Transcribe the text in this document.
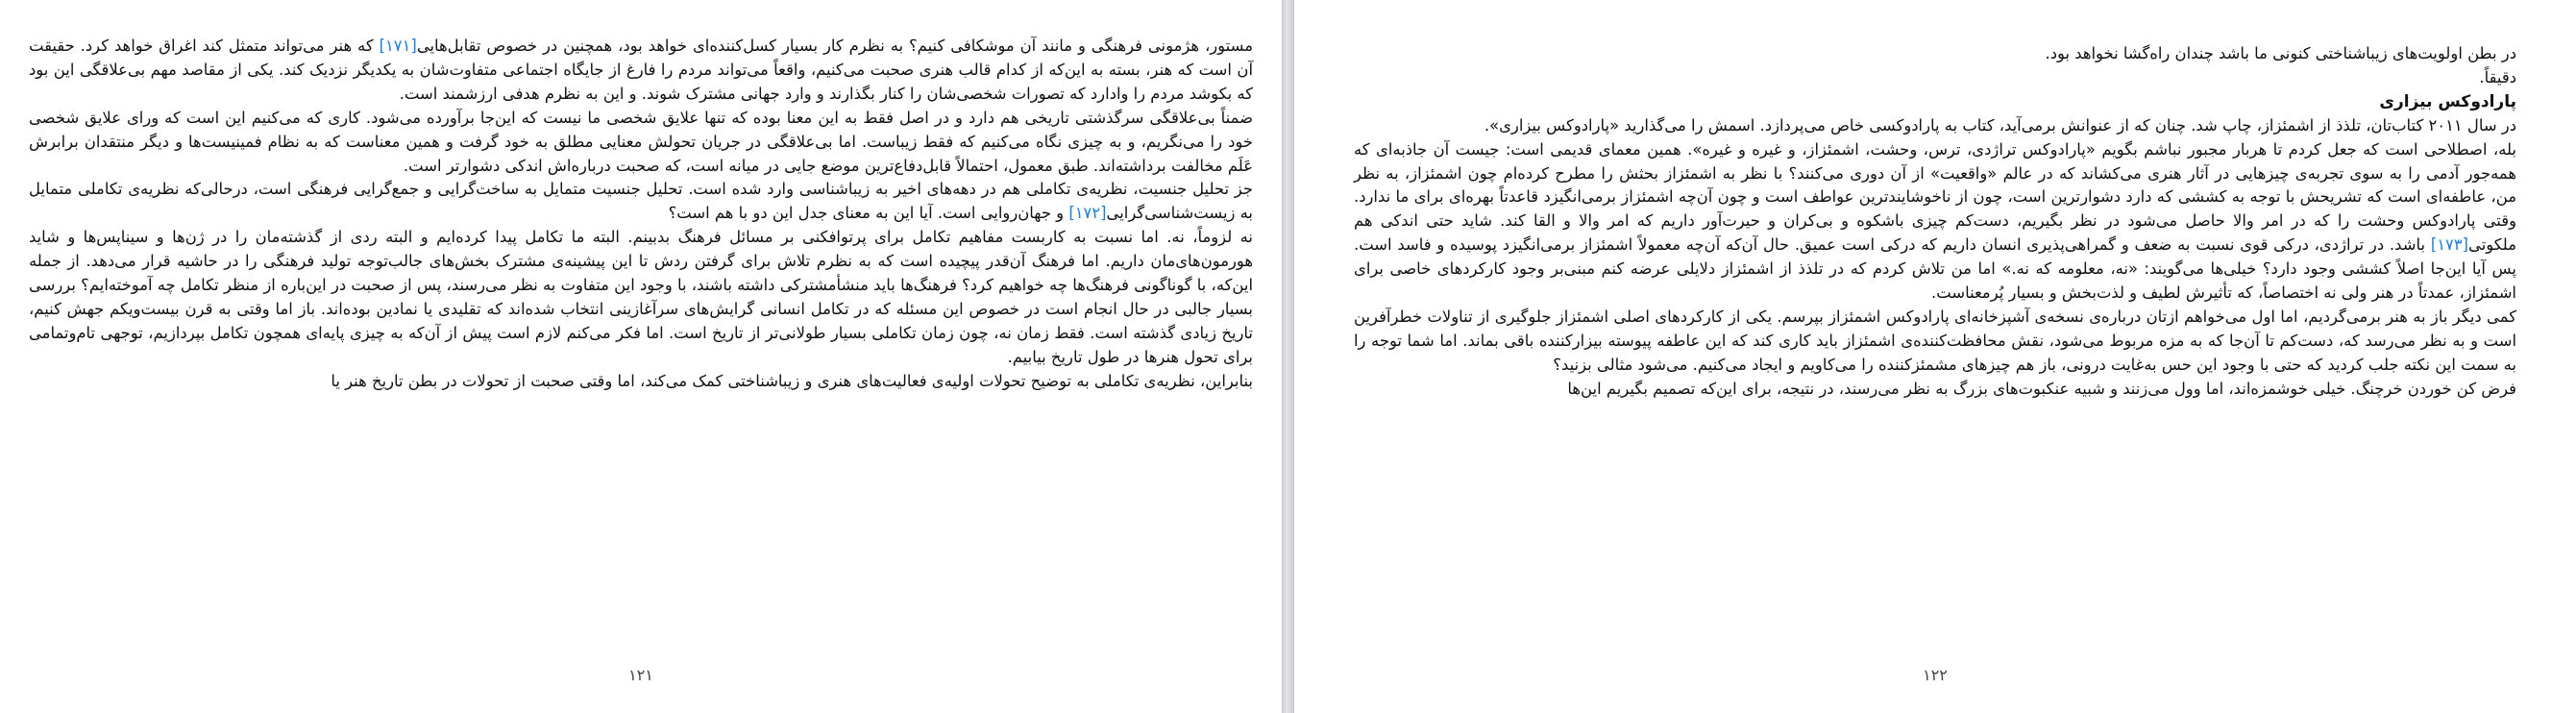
مستور، هژمونی فرهنگی و مانند آن موشکافی کنیم؟ به نظرم کار بسیار کسل‌کننده‌ای خواهد بود، همچنین در خصوص تقابل‌هایی[۱۷۱] که هنر می‌تواند متمثل کند اغراق خواهد کرد. حقیقت آن است که هنر، بسته به این‌که از کدام قالب هنری صحبت می‌کنیم، واقعاً می‌تواند مردم را فارغ از جایگاه اجتماعی متفاوت‌شان به یکدیگر نزدیک کند. یکی از مقاصد مهم بی‌علاقگی این بود که بکوشد مردم را وادارد که تصورات شخصی‌شان را کنار بگذارند و وارد جهانی مشترک شوند. و این به نظرم هدفی ارزشمند است.

ضمناً بی‌علاقگی سرگذشتی تاریخی هم دارد و در اصل فقط به این معنا بوده که تنها علایق شخصی ما نیست که این‌جا برآورده می‌شود. کاری که می‌کنیم این است که ورای علایق شخصی خود را می‌نگریم، و به چیزی نگاه می‌کنیم که فقط زیباست. اما بی‌علاقگی در جریان تحولش معنایی مطلق به خود گرفت و همین معناست که به نظام فمینیست‌ها و دیگر منتقدان برابرش عَلَم مخالفت برداشته‌اند. طبق معمول، احتمالاً قابل‌دفاع‌ترین موضع جایی در میانه است، که صحبت درباره‌اش اندکی دشوارتر است.

جز تحلیل جنسیت، نظریه‌ی تکاملی هم در دهه‌های اخیر به زیباشناسی وارد شده است. تحلیل جنسیت متمایل به ساخت‌گرایی و جمع‌گرایی فرهنگی است، درحالی‌که نظریه‌ی تکاملی متمایل به زیست‌شناسی‌گرایی[۱۷۲] و جهان‌روایی است. آیا این به معنای جدل این دو با هم است؟

نه لزوماً، نه. اما نسبت به کاربست مفاهیم تکامل برای پرتوافکنی بر مسائل فرهنگ بدبینم. البته ما تکامل پیدا کرده‌ایم و البته ردی از گذشته‌مان را در ژن‌ها و سیناپس‌ها و شاید هورمون‌های‌مان داریم. اما فرهنگ آن‌قدر پیچیده است که به نظرم تلاش برای گرفتن ردش تا این پیشینه‌ی مشترک بخش‌های جالب‌توجه تولید فرهنگی را در حاشیه قرار می‌دهد. از جمله این‌که، با گوناگونی فرهنگ‌ها چه خواهیم کرد؟ فرهنگ‌ها باید منشأمشترکی داشته باشند، با وجود این متفاوت به نظر می‌رسند، پس از صحبت در این‌باره از منظر تکامل چه آموخته‌ایم؟ بررسی بسیار جالبی در حال انجام است در خصوص این مسئله که در تکامل انسانی گرایش‌های سرآغازینی انتخاب شده‌اند که تقلیدی یا نمادین بوده‌اند. باز اما وقتی به قرن بیست‌ویکم جهش کنیم، تاریخ زیادی گذشته است. فقط زمان نه، چون زمان تکاملی بسیار طولانی‌تر از تاریخ است. اما فکر می‌کنم لازم است پیش از آن‌که به چیزی پایه‌ای همچون تکامل بپردازیم، توجهی تام‌وتمامی برای تحول هنرها در طول تاریخ بیابیم.

بنابراین، نظریه‌ی تکاملی به توضیح تحولات اولیه‌ی فعالیت‌های هنری و زیباشناختی کمک می‌کند، اما وقتی صحبت از تحولات در بطن تاریخ هنر یا

۱۲۱

در بطن اولویت‌های زیباشناختی کنونی ما باشد چندان راه‌گشا نخواهد بود.

دقیقاً.

پارادوکس بیزاری

در سال ۲۰۱۱ کتاب‌تان، تلذذ از اشمئزاز، چاپ شد. چنان که از عنوانش برمی‌آید، کتاب به پارادوکسی خاص می‌پردازد. اسمش را می‌گذارید «پارادوکس بیزاری».

بله، اصطلاحی است که جعل کردم تا هربار مجبور نباشم بگویم «پارادوکس تراژدی، ترس، وحشت، اشمئزاز، و غیره و غیره». همین معمای قدیمی است: جیست آن جاذبه‌ای که همه‌جور آدمی را به سوی تجربه‌ی چیزهایی در آثار هنری می‌کشاند که در عالم «واقعیت» از آن دوری می‌کنند؟ با نظر به اشمئزاز بحثش را مطرح کرده‌ام چون اشمئزاز، به نظر من، عاطفه‌ای است که تشریحش با توجه به کششی که دارد دشوارترین است، چون از ناخوشایندترین عواطف است و چون آن‌چه اشمئزاز برمی‌انگیزد قاعدتاً بهره‌ای برای ما ندارد. وقتی پارادوکس وحشت را که در امر والا حاصل می‌شود در نظر بگیریم، دست‌کم چیزی باشکوه و بی‌کران و حیرت‌آور داریم که امر والا و القا کند. شاید حتی اندکی هم ملکوتی[۱۷۳] باشد. در تراژدی، درکی قوی نسبت به ضعف و گمراهی‌پذیری انسان داریم که درکی است عمیق. حال آن‌که آن‌چه معمولاً اشمئزاز برمی‌انگیزد پوسیده و فاسد است. پس آیا این‌جا اصلاً کششی وجود دارد؟ خیلی‌ها می‌گویند: «نه، معلومه که نه.» اما من تلاش کردم که در تلذذ از اشمئزاز دلایلی عرضه کنم مبنی‌بر وجود کارکردهای خاصی برای اشمئزاز، عمدتاً در هنر ولی نه اختصاصاً، که تأثیرش لطیف و لذت‌بخش و بسیار پُرمعناست.

کمی دیگر باز به هنر برمی‌گردیم، اما اول می‌خواهم ازتان درباره‌ی نسخه‌ی آشپزخانه‌ای پارادوکس اشمئزاز بپرسم. یکی از کارکردهای اصلی اشمئزاز جلوگیری از تناولات خطرآفرین است و به نظر می‌رسد که، دست‌کم تا آن‌جا که به مزه مربوط می‌شود، نقش محافظت‌کننده‌ی اشمئزاز باید کاری کند که این عاطفه پیوسته بیزارکننده باقی بماند. اما شما توجه را به سمت این نکته جلب کردید که حتی با وجود این حس به‌غایت درونی، باز هم چیزهای مشمئزکننده را می‌کاویم و ایجاد می‌کنیم. می‌شود مثالی بزنید؟

فرض کن خوردن خرچنگ. خیلی خوشمزه‌اند، اما وول می‌زنند و شبیه عنکبوت‌های بزرگ به نظر می‌رسند، در نتیجه، برای این‌که تصمیم بگیریم این‌ها

۱۲۲
